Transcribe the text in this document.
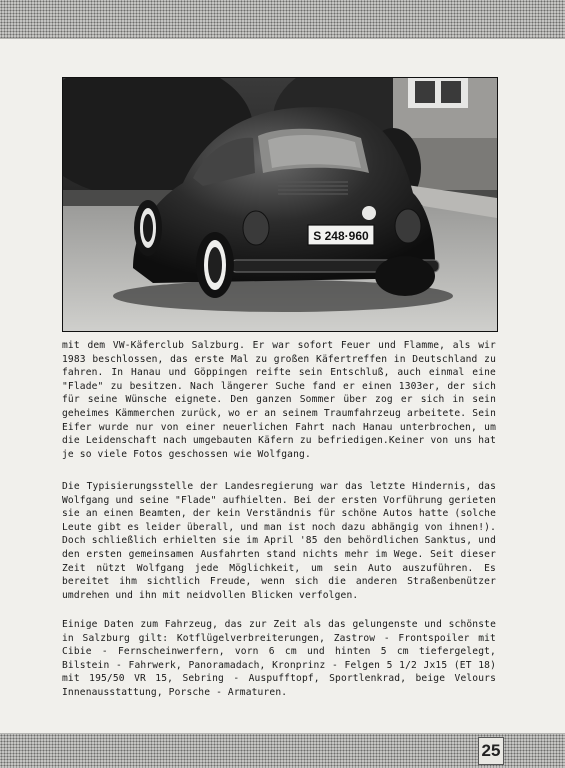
S 248·960
mit dem VW-Käferclub Salzburg. Er war sofort Feuer und Flamme, als wir 1983 beschlossen, das erste Mal zu großen Käfertreffen in Deutschland zu fahren. In Hanau und Göppingen reifte sein Entschluß, auch einmal eine "Flade" zu besitzen. Nach längerer Suche fand er einen 1303er, der sich für seine Wünsche eignete. Den ganzen Sommer über zog er sich in sein geheimes Kämmerchen zurück, wo er an seinem Traumfahrzeug arbeitete. Sein Eifer wurde nur von einer neuerlichen Fahrt nach Hanau unterbrochen, um die Leidenschaft nach umgebauten Käfern zu befriedigen.Keiner von uns hat je so viele Fotos geschossen wie Wolfgang.
Die Typisierungsstelle der Landesregierung war das letzte Hindernis, das Wolfgang und seine "Flade" aufhielten. Bei der ersten Vorführung gerieten sie an einen Beamten, der kein Verständnis für schöne Autos hatte (solche Leute gibt es leider überall, und man ist noch dazu abhängig von ihnen!). Doch schließlich erhielten sie im April '85 den behördlichen Sanktus, und den ersten gemeinsamen Ausfahrten stand nichts mehr im Wege. Seit dieser Zeit nützt Wolfgang jede Möglichkeit, um sein Auto auszuführen. Es bereitet ihm sichtlich Freude, wenn sich die anderen Straßenbenützer umdrehen und ihn mit neidvollen Blicken verfolgen.
Einige Daten zum Fahrzeug, das zur Zeit als das gelungenste und schönste in Salzburg gilt: Kotflügelverbreiterungen, Zastrow - Frontspoiler mit Cibie - Fernscheinwerfern, vorn 6 cm und hinten 5 cm tiefergelegt, Bilstein - Fahrwerk, Panoramadach, Kronprinz - Felgen 5 1/2 Jx15 (ET 18) mit 195/50 VR 15, Sebring - Auspufftopf, Sportlenkrad, beige Velours Innenausstattung, Porsche - Armaturen.
25
